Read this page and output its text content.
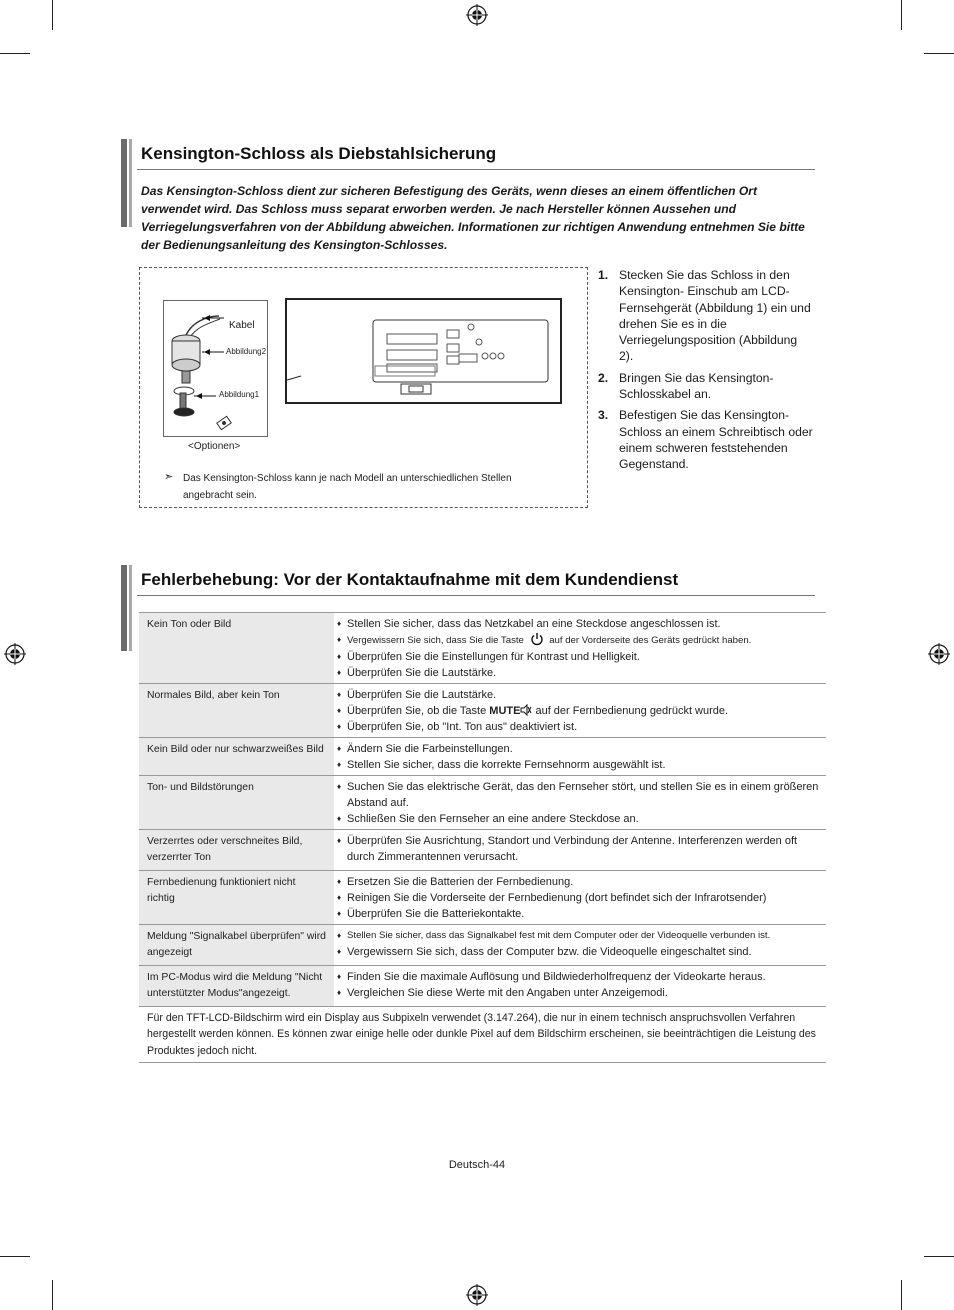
Kensington-Schloss als Diebstahlsicherung
Das Kensington-Schloss dient zur sicheren Befestigung des Geräts, wenn dieses an einem öffentlichen Ort verwendet wird. Das Schloss muss separat erworben werden. Je nach Hersteller können Aussehen und Verriegelungsverfahren von der Abbildung abweichen. Informationen zur richtigen Anwendung entnehmen Sie bitte der Bedienungsanleitung des Kensington-Schlosses.
Kabel
Abbildung2
Abbildung1
<Optionen>
➣ Das Kensington-Schloss kann je nach Modell an unterschiedlichen Stellen angebracht sein.
1. Stecken Sie das Schloss in den Kensington- Einschub am LCD- Fernsehgerät (Abbildung 1) ein und drehen Sie es in die Verriegelungsposition (Abbildung 2).
2. Bringen Sie das Kensington-Schlosskabel an.
3. Befestigen Sie das Kensington-Schloss an einem Schreibtisch oder einem schweren feststehenden Gegenstand.
Fehlerbehebung: Vor der Kontaktaufnahme mit dem Kundendienst
Kein Ton oder Bild	♦ Stellen Sie sicher, dass das Netzkabel an eine Steckdose angeschlossen ist.
♦ Vergewissern Sie sich, dass Sie die Taste	auf der Vorderseite des Geräts gedrückt haben.
♦ Überprüfen Sie die Einstellungen für Kontrast und Helligkeit.
♦ Überprüfen Sie die Lautstärke.
Normales Bild, aber kein Ton	♦ Überprüfen Sie die Lautstärke.
♦ Überprüfen Sie, ob die Taste MUTE auf der Fernbedienung gedrückt wurde.
♦ Überprüfen Sie, ob "Int. Ton aus" deaktiviert ist.
Kein Bild oder nur schwarzweißes Bild	♦ Ändern Sie die Farbeinstellungen.
♦ Stellen Sie sicher, dass die korrekte Fernsehnorm ausgewählt ist.
Ton- und Bildstörungen	♦ Suchen Sie das elektrische Gerät, das den Fernseher stört, und stellen Sie es in einem größeren Abstand auf.
♦ Schließen Sie den Fernseher an eine andere Steckdose an.
Verzerrtes oder verschneites Bild, verzerrter Ton
♦ Überprüfen Sie Ausrichtung, Standort und Verbindung der Antenne. Interferenzen werden oft durch Zimmerantennen verursacht.
Fernbedienung funktioniert nicht richtig
♦ Ersetzen Sie die Batterien der Fernbedienung.
♦ Reinigen Sie die Vorderseite der Fernbedienung (dort befindet sich der Infrarotsender)
♦ Überprüfen Sie die Batteriekontakte.
Meldung "Signalkabel überprüfen" wird angezeigt
♦ Stellen Sie sicher, dass das Signalkabel fest mit dem Computer oder der Videoquelle verbunden ist.
♦ Vergewissern Sie sich, dass der Computer bzw. die Videoquelle eingeschaltet sind.
Im PC-Modus wird die Meldung "Nicht unterstützter Modus"angezeigt.
♦ Finden Sie die maximale Auflösung und Bildwiederholfrequenz der Videokarte heraus.
♦ Vergleichen Sie diese Werte mit den Angaben unter Anzeigemodi.
Für den TFT-LCD-Bildschirm wird ein Display aus Subpixeln verwendet (3.147.264), die nur in einem technisch anspruchsvollen Verfahren hergestellt werden können. Es können zwar einige helle oder dunkle Pixel auf dem Bildschirm erscheinen, sie beeinträchtigen die Leistung des Produktes jedoch nicht.
Deutsch-44
